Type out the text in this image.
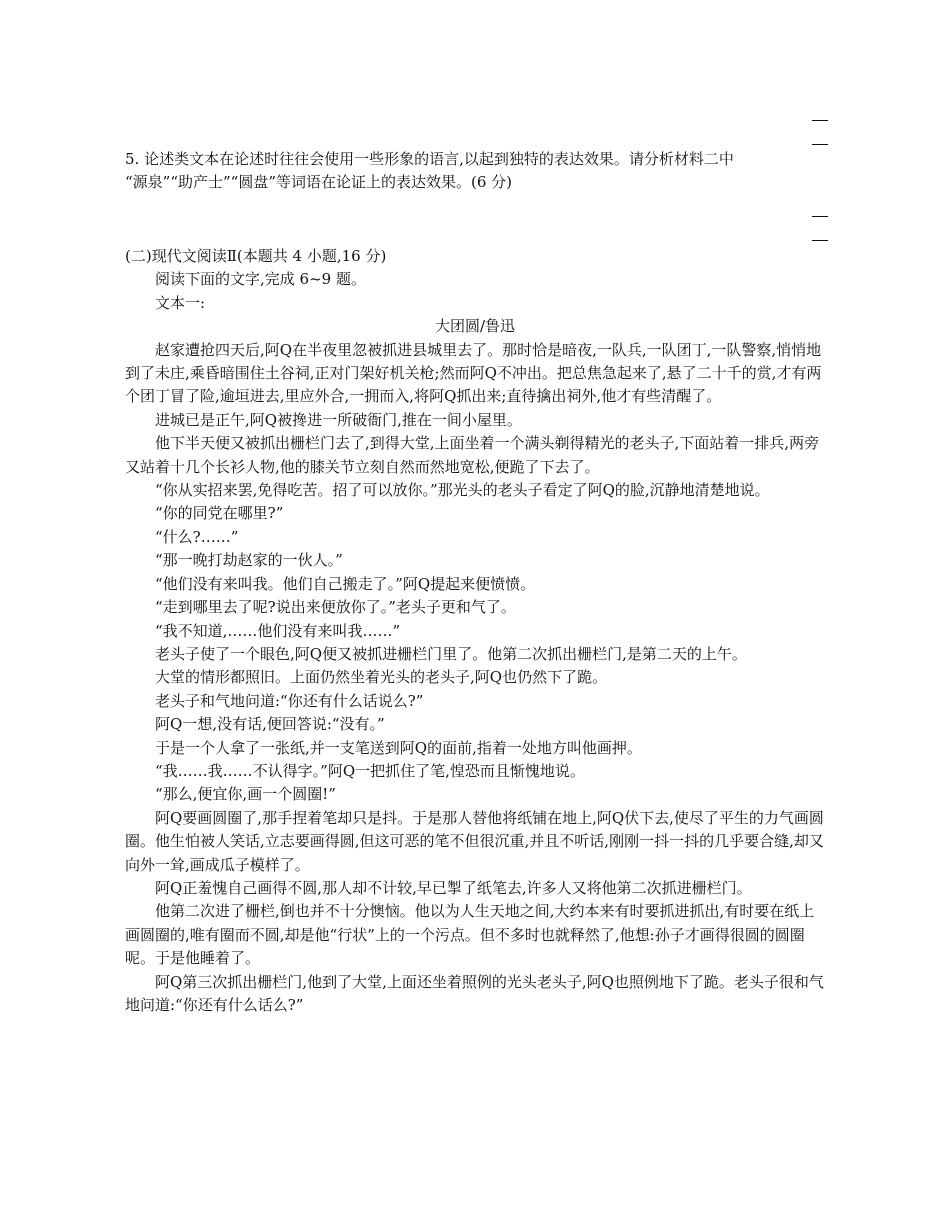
5. 论述类文本在论述时往往会使用一些形象的语言,以起到独特的表达效果。请分析材料二中

“源泉”“助产士”“圆盘”等词语在论证上的表达效果。(6 分)

(二)现代文阅读Ⅱ(本题共 4 小题,16 分)

阅读下面的文字,完成 6~9 题。

文本一:

大团圆/鲁迅

赵家遭抢四天后,阿Q在半夜里忽被抓进县城里去了。那时恰是暗夜,一队兵,一队团丁,一队警察,悄悄地到了未庄,乘昏暗围住土谷祠,正对门架好机关枪;然而阿Q不冲出。把总焦急起来了,悬了二十千的赏,才有两个团丁冒了险,逾垣进去,里应外合,一拥而入,将阿Q抓出来;直待擒出祠外,他才有些清醒了。

进城已是正午,阿Q被搀进一所破衙门,推在一间小屋里。

他下半天便又被抓出栅栏门去了,到得大堂,上面坐着一个满头剃得精光的老头子,下面站着一排兵,两旁又站着十几个长衫人物,他的膝关节立刻自然而然地宽松,便跪了下去了。

“你从实招来罢,免得吃苦。招了可以放你。”那光头的老头子看定了阿Q的脸,沉静地清楚地说。

“你的同党在哪里?”

“什么?……”

“那一晚打劫赵家的一伙人。”

“他们没有来叫我。他们自己搬走了。”阿Q提起来便愤愤。

“走到哪里去了呢?说出来便放你了。”老头子更和气了。

“我不知道,……他们没有来叫我……”

老头子使了一个眼色,阿Q便又被抓进栅栏门里了。他第二次抓出栅栏门,是第二天的上午。

大堂的情形都照旧。上面仍然坐着光头的老头子,阿Q也仍然下了跪。

老头子和气地问道:“你还有什么话说么?”

阿Q一想,没有话,便回答说:“没有。”

于是一个人拿了一张纸,并一支笔送到阿Q的面前,指着一处地方叫他画押。

“我……我……不认得字。”阿Q一把抓住了笔,惶恐而且惭愧地说。

“那么,便宜你,画一个圆圈!”

阿Q要画圆圈了,那手捏着笔却只是抖。于是那人替他将纸铺在地上,阿Q伏下去,使尽了平生的力气画圆圈。他生怕被人笑话,立志要画得圆,但这可恶的笔不但很沉重,并且不听话,刚刚一抖一抖的几乎要合缝,却又向外一耸,画成瓜子模样了。

阿Q正羞愧自己画得不圆,那人却不计较,早已掣了纸笔去,许多人又将他第二次抓进栅栏门。

他第二次进了栅栏,倒也并不十分懊恼。他以为人生天地之间,大约本来有时要抓进抓出,有时要在纸上画圆圈的,唯有圈而不圆,却是他“行状”上的一个污点。但不多时也就释然了,他想:孙子才画得很圆的圆圈呢。于是他睡着了。

阿Q第三次抓出栅栏门,他到了大堂,上面还坐着照例的光头老头子,阿Q也照例地下了跪。老头子很和气地问道:“你还有什么话么?”
